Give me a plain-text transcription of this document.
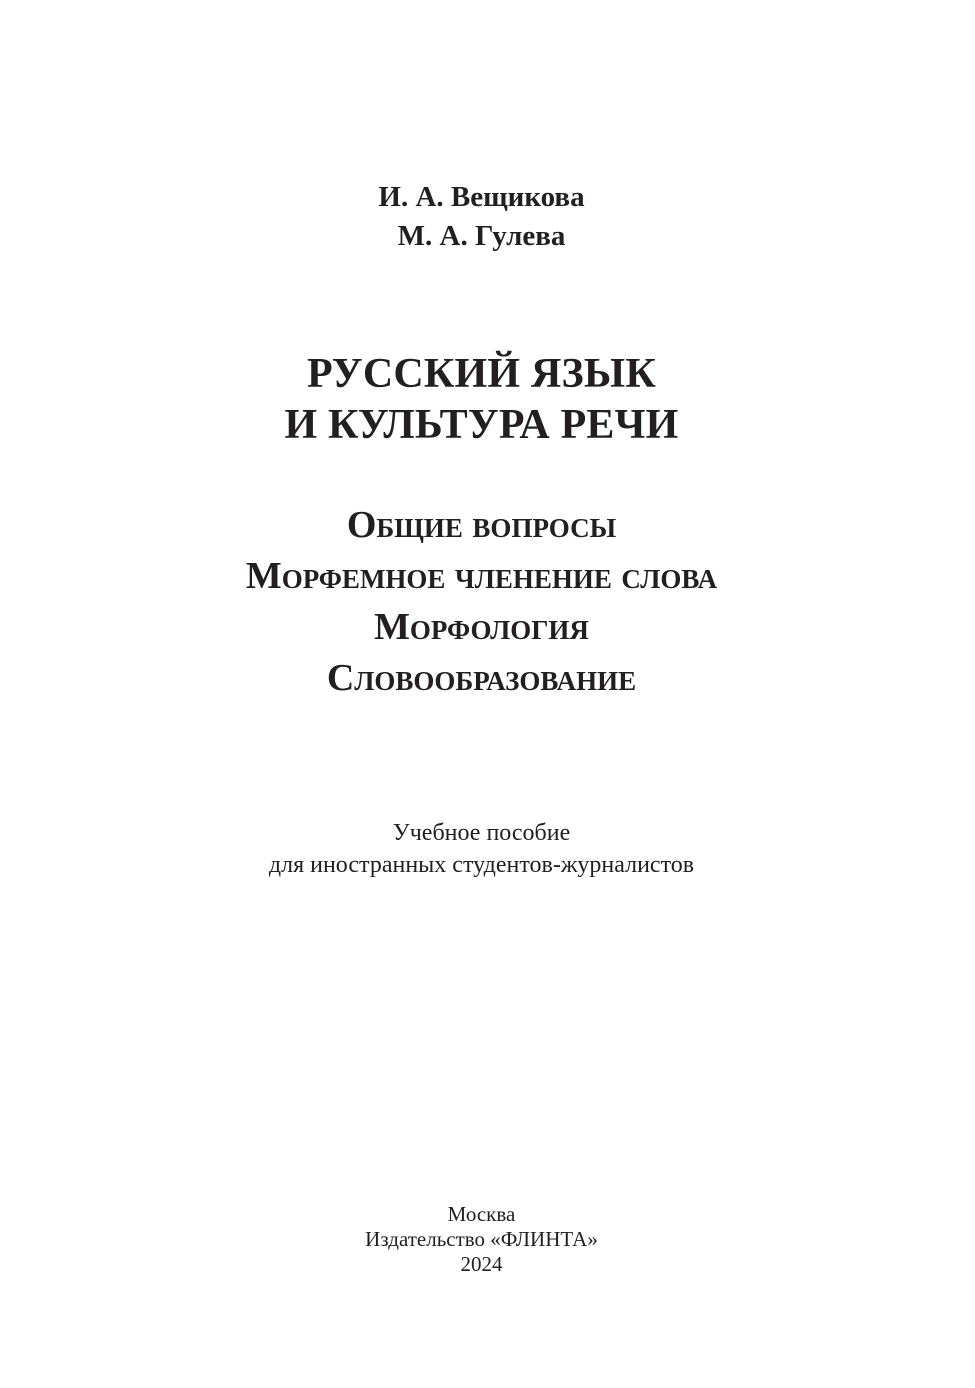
И. А. Вещикова
М. А. Гулева
РУССКИЙ ЯЗЫК
И КУЛЬТУРА РЕЧИ
Общие вопросы
Морфемное членение слова
Морфология
Словообразование
Учебное пособие
для иностранных студентов-журналистов
Москва
Издательство «ФЛИНТА»
2024
